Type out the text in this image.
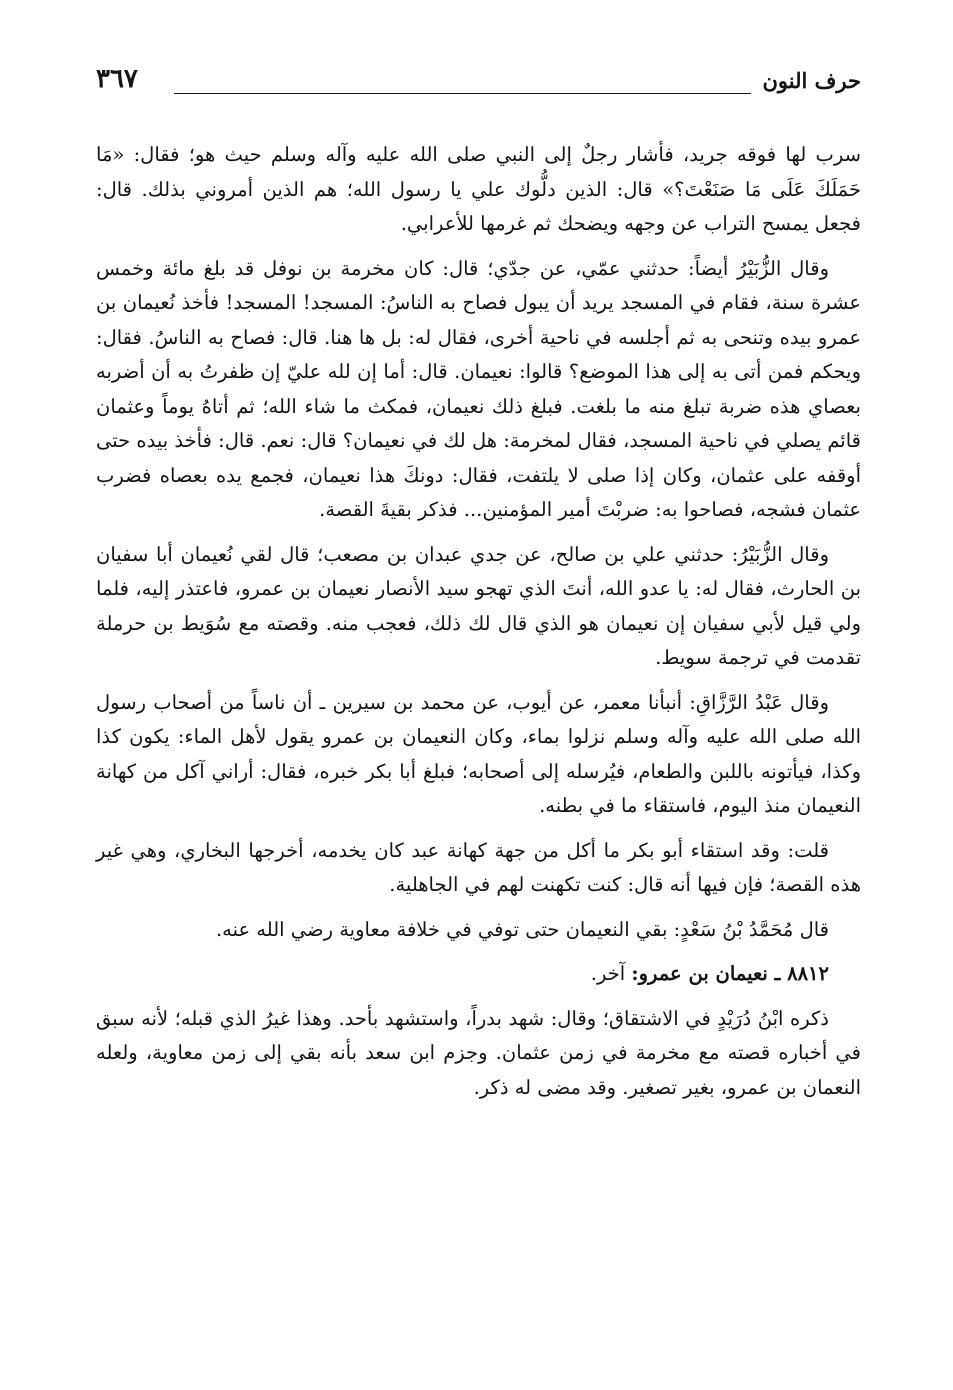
حرف النون
٣٦٧

سرب لها فوقه جريد، فأشار رجلٌ إلى النبي صلى الله عليه وآله وسلم حيث هو؛ فقال: «مَا حَمَلَكَ عَلَى مَا صَنَعْتَ؟» قال: الذين دلُّوك علي يا رسول الله؛ هم الذين أمروني بذلك. قال: فجعل يمسح التراب عن وجهه ويضحك ثم غرمها للأعرابي.

وقال الزُّبَيْرُ أيضاً: حدثني عمّي، عن جدّي؛ قال: كان مخرمة بن نوفل قد بلغ مائة وخمس عشرة سنة، فقام في المسجد يريد أن يبول فصاح به الناسُ: المسجد! المسجد! فأخذ نُعيمان بن عمرو بيده وتنحى به ثم أجلسه في ناحية أخرى، فقال له: بل ها هنا. قال: فصاح به الناسُ. فقال: ويحكم فمن أتى به إلى هذا الموضع؟ قالوا: نعيمان. قال: أما إن لله عليّ إن ظفرتُ به أن أضربه بعصاي هذه ضربة تبلغ منه ما بلغت. فبلغ ذلك نعيمان، فمكث ما شاء الله؛ ثم أتاهُ يوماً وعثمان قائم يصلي في ناحية المسجد، فقال لمخرمة: هل لك في نعيمان؟ قال: نعم. قال: فأخذ بيده حتى أوقفه على عثمان، وكان إذا صلى لا يلتفت، فقال: دونكَ هذا نعيمان، فجمع يده بعصاه فضرب عثمان فشجه، فصاحوا به: ضربْتَ أمير المؤمنين... فذكر بقيةَ القصة.

وقال الزُّبَيْرُ: حدثني علي بن صالح، عن جدي عبدان بن مصعب؛ قال لقي نُعيمان أبا سفيان بن الحارث، فقال له: يا عدو الله، أنتَ الذي تهجو سيد الأنصار نعيمان بن عمرو، فاعتذر إليه، فلما ولي قيل لأبي سفيان إن نعيمان هو الذي قال لك ذلك، فعجب منه. وقصته مع سُوَيط بن حرملة تقدمت في ترجمة سويط.

وقال عَبْدُ الرَّزَّاقِ: أنبأنا معمر، عن أيوب، عن محمد بن سيرين ـ أن ناساً من أصحاب رسول الله صلى الله عليه وآله وسلم نزلوا بماء، وكان النعيمان بن عمرو يقول لأهل الماء: يكون كذا وكذا، فيأتونه باللبن والطعام، فيُرسله إلى أصحابه؛ فبلغ أبا بكر خبره، فقال: أراني آكل من كهانة النعيمان منذ اليوم، فاستقاء ما في بطنه.

قلت: وقد استقاء أبو بكر ما أكل من جهة كهانة عبد كان يخدمه، أخرجها البخاري، وهي غير هذه القصة؛ فإن فيها أنه قال: كنت تكهنت لهم في الجاهلية.

قال مُحَمَّدُ بْنُ سَعْدٍ: بقي النعيمان حتى توفي في خلافة معاوية رضي الله عنه.

٨٨١٢ ـ نعيمان بن عمرو: آخر.

ذكره ابْنُ دُرَيْدٍ في الاشتقاق؛ وقال: شهد بدراً، واستشهد بأحد. وهذا غيرُ الذي قبله؛ لأنه سبق في أخباره قصته مع مخرمة في زمن عثمان. وجزم ابن سعد بأنه بقي إلى زمن معاوية، ولعله النعمان بن عمرو، بغير تصغير. وقد مضى له ذكر.
